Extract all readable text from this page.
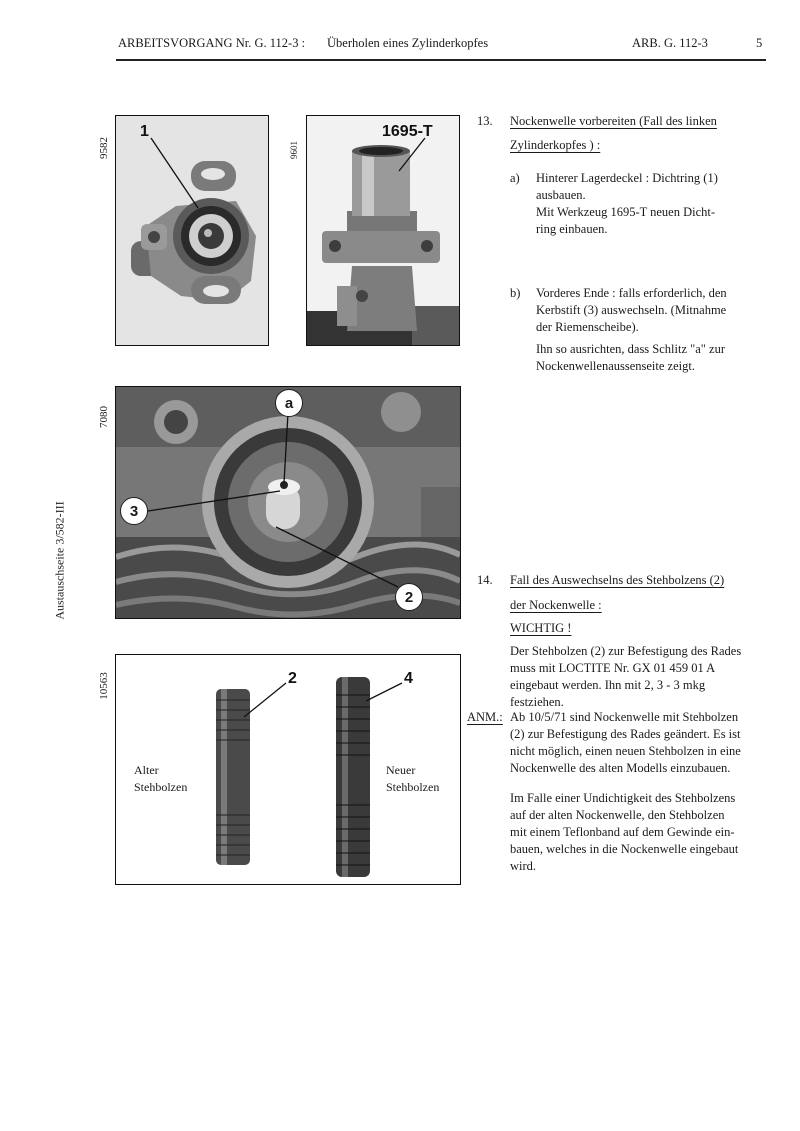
ARBEITSVORGANG Nr. G. 112-3 : Überholen eines Zylinderkopfes	ARB. G. 112-3	5
9582	9601
7080
10563
Austauschseite 3/582-III
1	1695-T
a
3
2
2	4
Alter
Stehbolzen
Neuer
Stehbolzen
13. Nockenwelle vorbereiten (Fall des linken
Zylinderkopfes ) :
a) Hinterer Lagerdeckel : Dichtring (1)
ausbauen.
Mit Werkzeug 1695-T neuen Dicht-
ring einbauen.
b) Vorderes Ende : falls erforderlich, den
Kerbstift (3) auswechseln. (Mitnahme
der Riemenscheibe).
Ihn so ausrichten, dass Schlitz "a" zur
Nockenwellenaussenseite zeigt.
14. Fall des Auswechselns des Stehbolzens (2)
der Nockenwelle :
WICHTIG !
Der Stehbolzen (2) zur Befestigung des Rades
muss mit LOCTITE Nr. GX 01 459 01 A
eingebaut werden. Ihn mit 2, 3 - 3 mkg
festziehen.
ANM.: Ab 10/5/71 sind Nockenwelle mit Stehbolzen
(2) zur Befestigung des Rades geändert. Es ist
nicht möglich, einen neuen Stehbolzen in eine
Nockenwelle des alten Modells einzubauen.
Im Falle einer Undichtigkeit des Stehbolzens
auf der alten Nockenwelle, den Stehbolzen
mit einem Teflonband auf dem Gewinde ein-
bauen, welches in die Nockenwelle eingebaut
wird.
